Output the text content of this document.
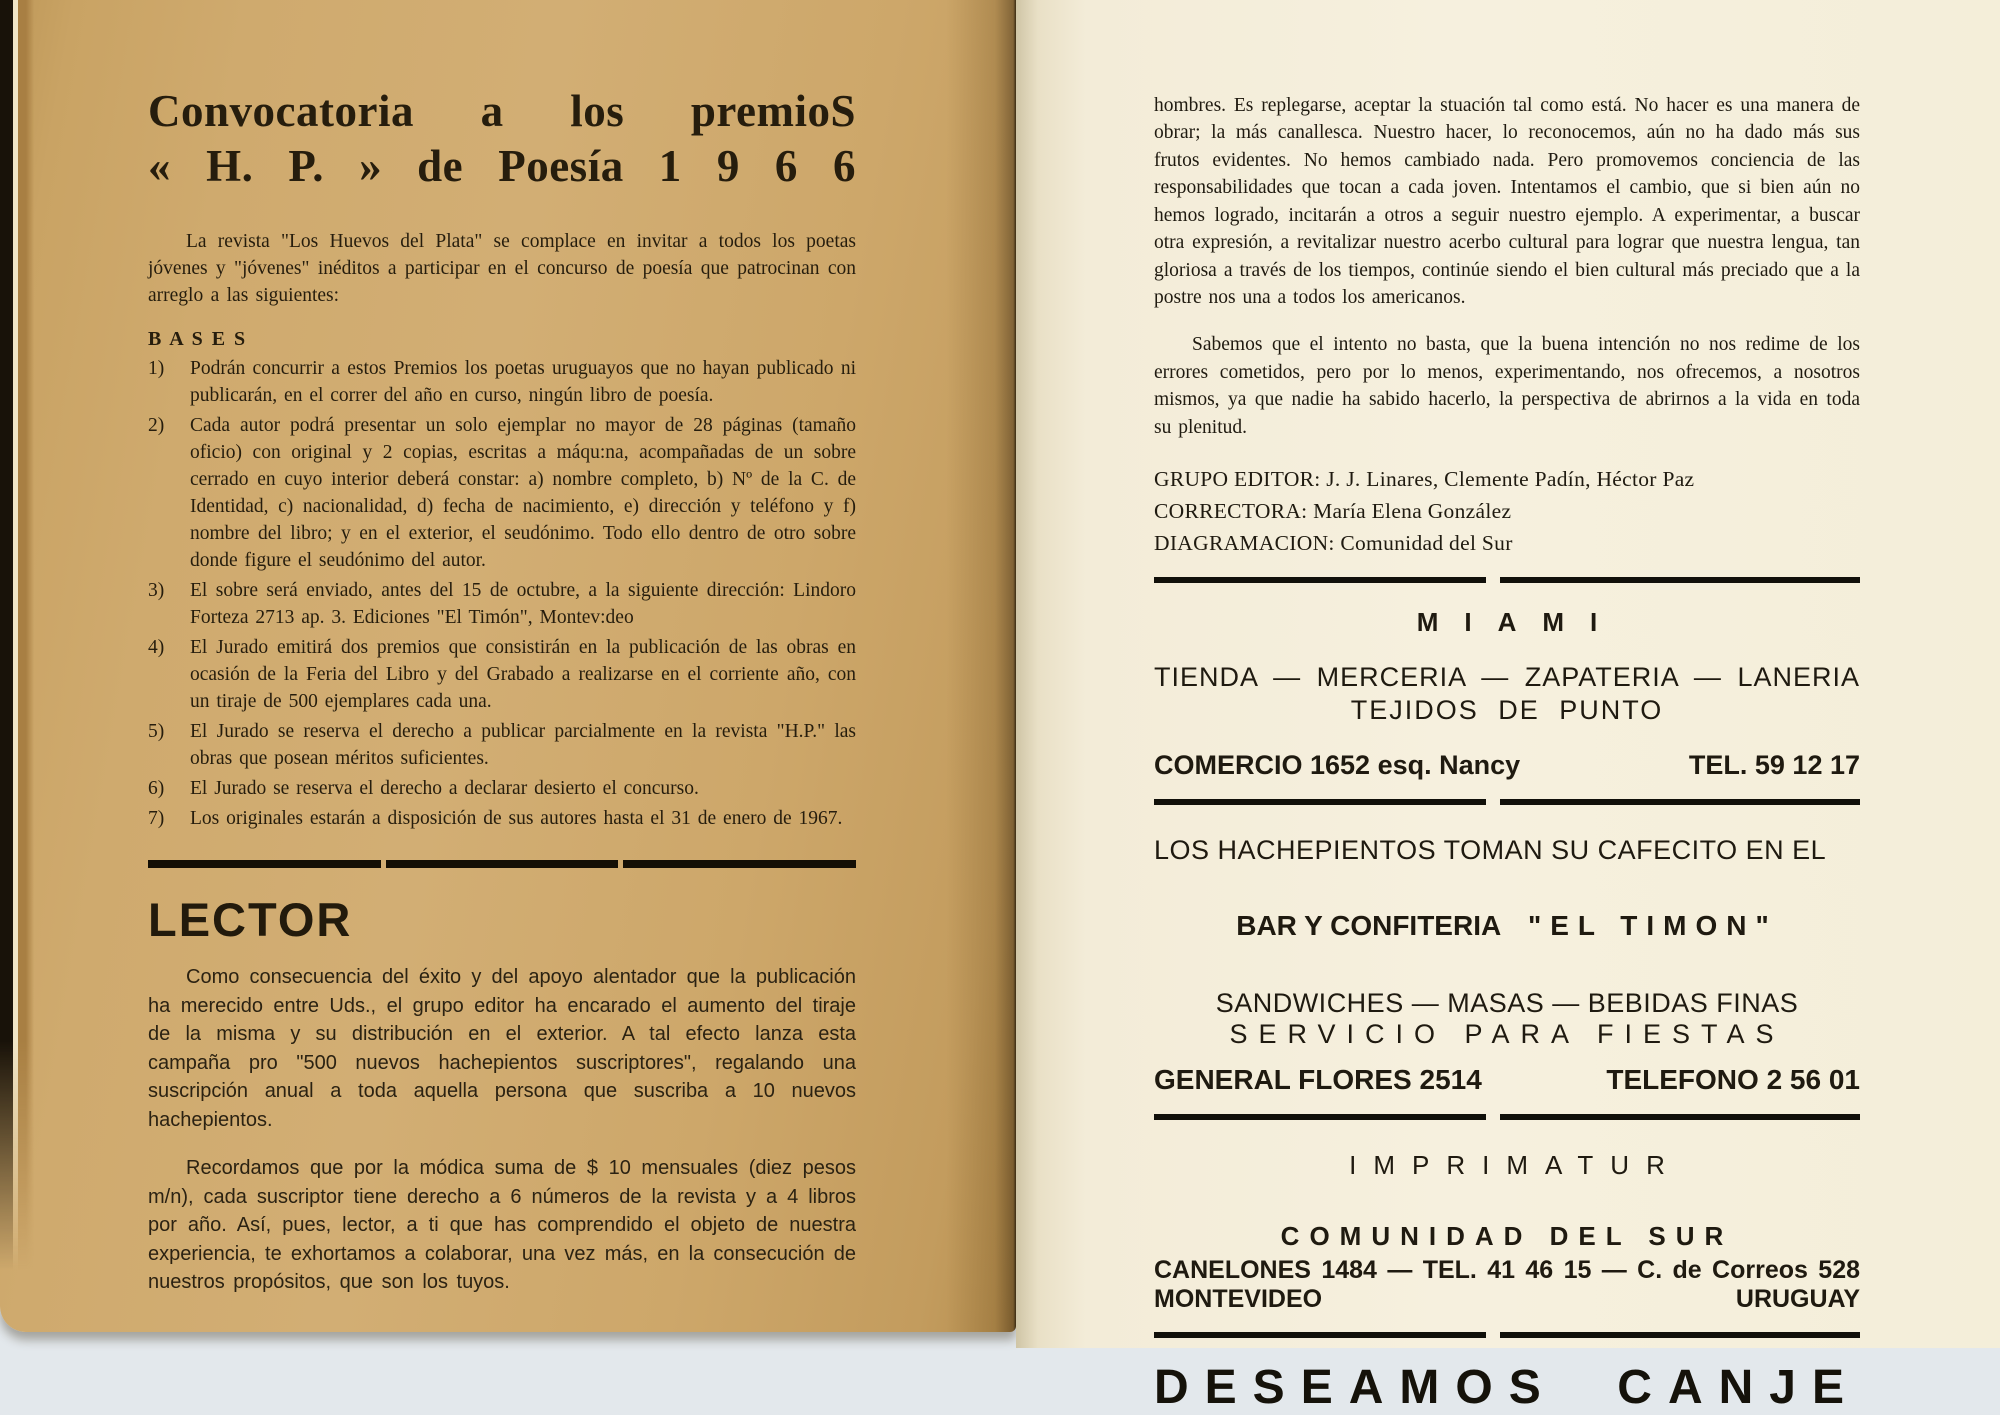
Convocatoria a los premioS
« H. P. » de Poesía 1 9 6 6

La revista "Los Huevos del Plata" se complace en invitar a todos los poetas jóvenes y "jóvenes" inéditos a participar en el concurso de poesía que patrocinan con arreglo a las siguientes:

B A S E S
1)	Podrán concurrir a estos Premios los poetas uruguayos que no hayan publicado ni publicarán, en el correr del año en curso, ningún libro de poesía.
2)	Cada autor podrá presentar un solo ejemplar no mayor de 28 páginas (tamaño oficio) con original y 2 copias, escritas a máqu:na, acompañadas de un sobre cerrado en cuyo interior deberá constar: a) nombre completo, b) Nº de la C. de Identidad, c) nacionalidad, d) fecha de nacimiento, e) dirección y teléfono y f) nombre del libro; y en el exterior, el seudónimo. Todo ello dentro de otro sobre donde figure el seudónimo del autor.
3)	El sobre será enviado, antes del 15 de octubre, a la siguiente dirección: Lindoro Forteza 2713 ap. 3. Ediciones "El Timón", Montev:deo
4)	El Jurado emitirá dos premios que consistirán en la publicación de las obras en ocasión de la Feria del Libro y del Grabado a realizarse en el corriente año, con un tiraje de 500 ejemplares cada una.
5)	El Jurado se reserva el derecho a publicar parcialmente en la revista "H.P." las obras que posean méritos suficientes.
6)	El Jurado se reserva el derecho a declarar desierto el concurso.
7)	Los originales estarán a disposición de sus autores hasta el 31 de enero de 1967.
LECTOR

Como consecuencia del éxito y del apoyo alentador que la publicación ha merecido entre Uds., el grupo editor ha encarado el aumento del tiraje de la misma y su distribución en el exterior. A tal efecto lanza esta campaña pro "500 nuevos hachepientos suscriptores", regalando una suscripción anual a toda aquella persona que suscriba a 10 nuevos hachepientos.

Recordamos que por la módica suma de $ 10 mensuales (diez pesos m/n), cada suscriptor tiene derecho a 6 números de la revista y a 4 libros por año. Así, pues, lector, a ti que has comprendido el objeto de nuestra experiencia, te exhortamos a colaborar, una vez más, en la consecución de nuestros propósitos, que son los tuyos.

hombres. Es replegarse, aceptar la stuación tal como está. No hacer es una manera de obrar; la más canallesca. Nuestro hacer, lo reconocemos, aún no ha dado más sus frutos evidentes. No hemos cambiado nada. Pero promovemos conciencia de las responsabilidades que tocan a cada joven. Intentamos el cambio, que si bien aún no hemos logrado, incitarán a otros a seguir nuestro ejemplo. A experimentar, a buscar otra expresión, a revitalizar nuestro acerbo cultural para lograr que nuestra lengua, tan gloriosa a través de los tiempos, continúe siendo el bien cultural más preciado que a la postre nos una a todos los americanos.

Sabemos que el intento no basta, que la buena intención no nos redime de los errores cometidos, pero por lo menos, experimentando, nos ofrecemos, a nosotros mismos, ya que nadie ha sabido hacerlo, la perspectiva de abrirnos a la vida en toda su plenitud.

GRUPO EDITOR: J. J. Linares, Clemente Padín, Héctor Paz
CORRECTORA: María Elena González
DIAGRAMACION: Comunidad del Sur
MIAMI
TIENDA — MERCERIA — ZAPATERIA — LANERIA
TEJIDOS DE PUNTO
COMERCIO 1652 esq. Nancy	TEL. 59 12 17
LOS HACHEPIENTOS TOMAN SU CAFECITO EN EL
BAR Y CONFITERIA "EL TIMON"
SANDWICHES — MASAS — BEBIDAS FINAS
SERVICIO PARA FIESTAS
GENERAL FLORES 2514	TELEFONO 2 56 01
IMPRIMATUR
COMUNIDAD DEL SUR
CANELONES 1484 — TEL. 41 46 15 — C. de Correos 528
MONTEVIDEO	URUGUAY
DESEAMOS CANJE
